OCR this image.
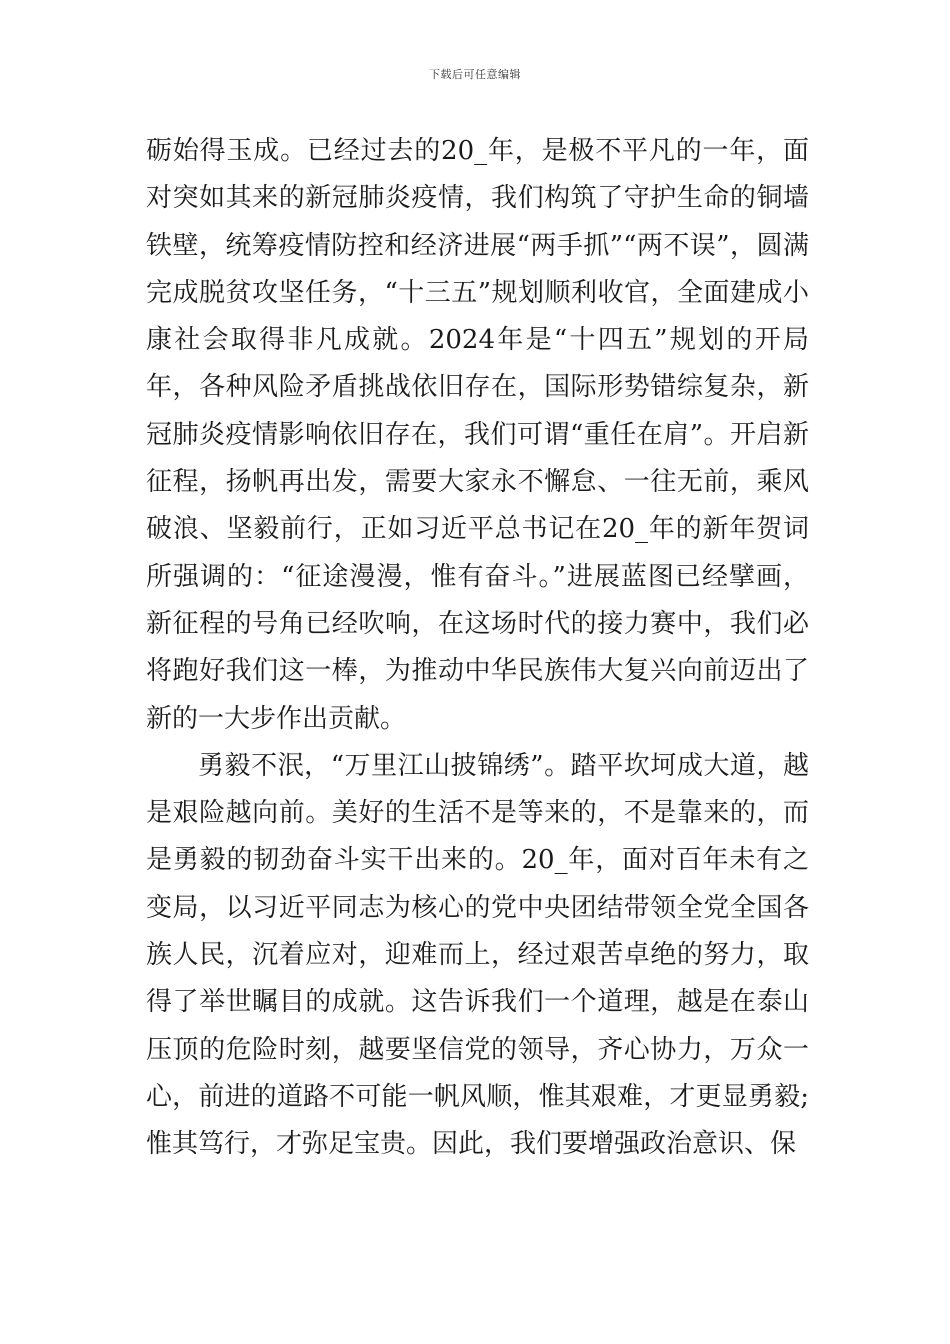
下载后可任意编辑

砺始得玉成。已经过去的20_年，是极不平凡的一年，面对突如其来的新冠肺炎疫情，我们构筑了守护生命的铜墙铁壁，统筹疫情防控和经济进展“两手抓”“两不误”，圆满完成脱贫攻坚任务，“十三五”规划顺利收官，全面建成小康社会取得非凡成就。2024年是“十四五”规划的开局年，各种风险矛盾挑战依旧存在，国际形势错综复杂，新冠肺炎疫情影响依旧存在，我们可谓“重任在肩”。开启新征程，扬帆再出发，需要大家永不懈怠、一往无前，乘风破浪、坚毅前行，正如习近平总书记在20_年的新年贺词所强调的：“征途漫漫，惟有奋斗。”进展蓝图已经擘画，新征程的号角已经吹响，在这场时代的接力赛中，我们必将跑好我们这一棒，为推动中华民族伟大复兴向前迈出了新的一大步作出贡献。

勇毅不泯，“万里江山披锦绣”。踏平坎坷成大道，越是艰险越向前。美好的生活不是等来的，不是靠来的，而是勇毅的韧劲奋斗实干出来的。20_年，面对百年未有之变局，以习近平同志为核心的党中央团结带领全党全国各族人民，沉着应对，迎难而上，经过艰苦卓绝的努力，取得了举世瞩目的成就。这告诉我们一个道理，越是在泰山压顶的危险时刻，越要坚信党的领导，齐心协力，万众一心，前进的道路不可能一帆风顺，惟其艰难，才更显勇毅;惟其笃行，才弥足宝贵。因此，我们要增强政治意识、保
